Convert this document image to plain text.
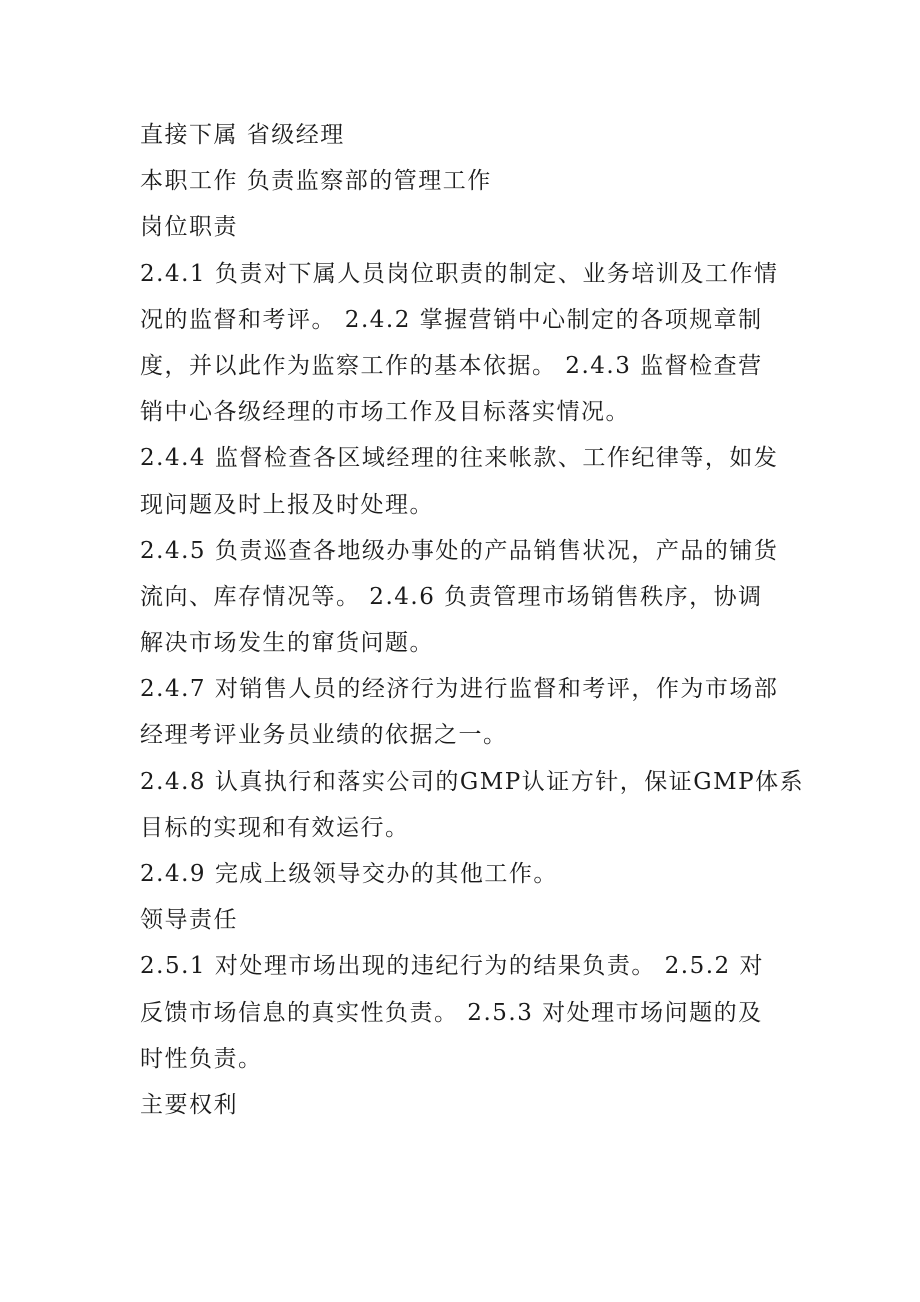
直接下属 省级经理
本职工作 负责监察部的管理工作
岗位职责
2.4.1 负责对下属人员岗位职责的制定、业务培训及工作情
况的监督和考评。 2.4.2 掌握营销中心制定的各项规章制
度，并以此作为监察工作的基本依据。 2.4.3 监督检查营
销中心各级经理的市场工作及目标落实情况。
2.4.4 监督检查各区域经理的往来帐款、工作纪律等，如发
现问题及时上报及时处理。
2.4.5 负责巡查各地级办事处的产品销售状况，产品的铺货
流向、库存情况等。 2.4.6 负责管理市场销售秩序，协调
解决市场发生的窜货问题。
2.4.7 对销售人员的经济行为进行监督和考评，作为市场部
经理考评业务员业绩的依据之一。
2.4.8 认真执行和落实公司的GMP认证方针，保证GMP体系
目标的实现和有效运行。
2.4.9 完成上级领导交办的其他工作。
领导责任
2.5.1 对处理市场出现的违纪行为的结果负责。 2.5.2 对
反馈市场信息的真实性负责。 2.5.3 对处理市场问题的及
时性负责。
主要权利
